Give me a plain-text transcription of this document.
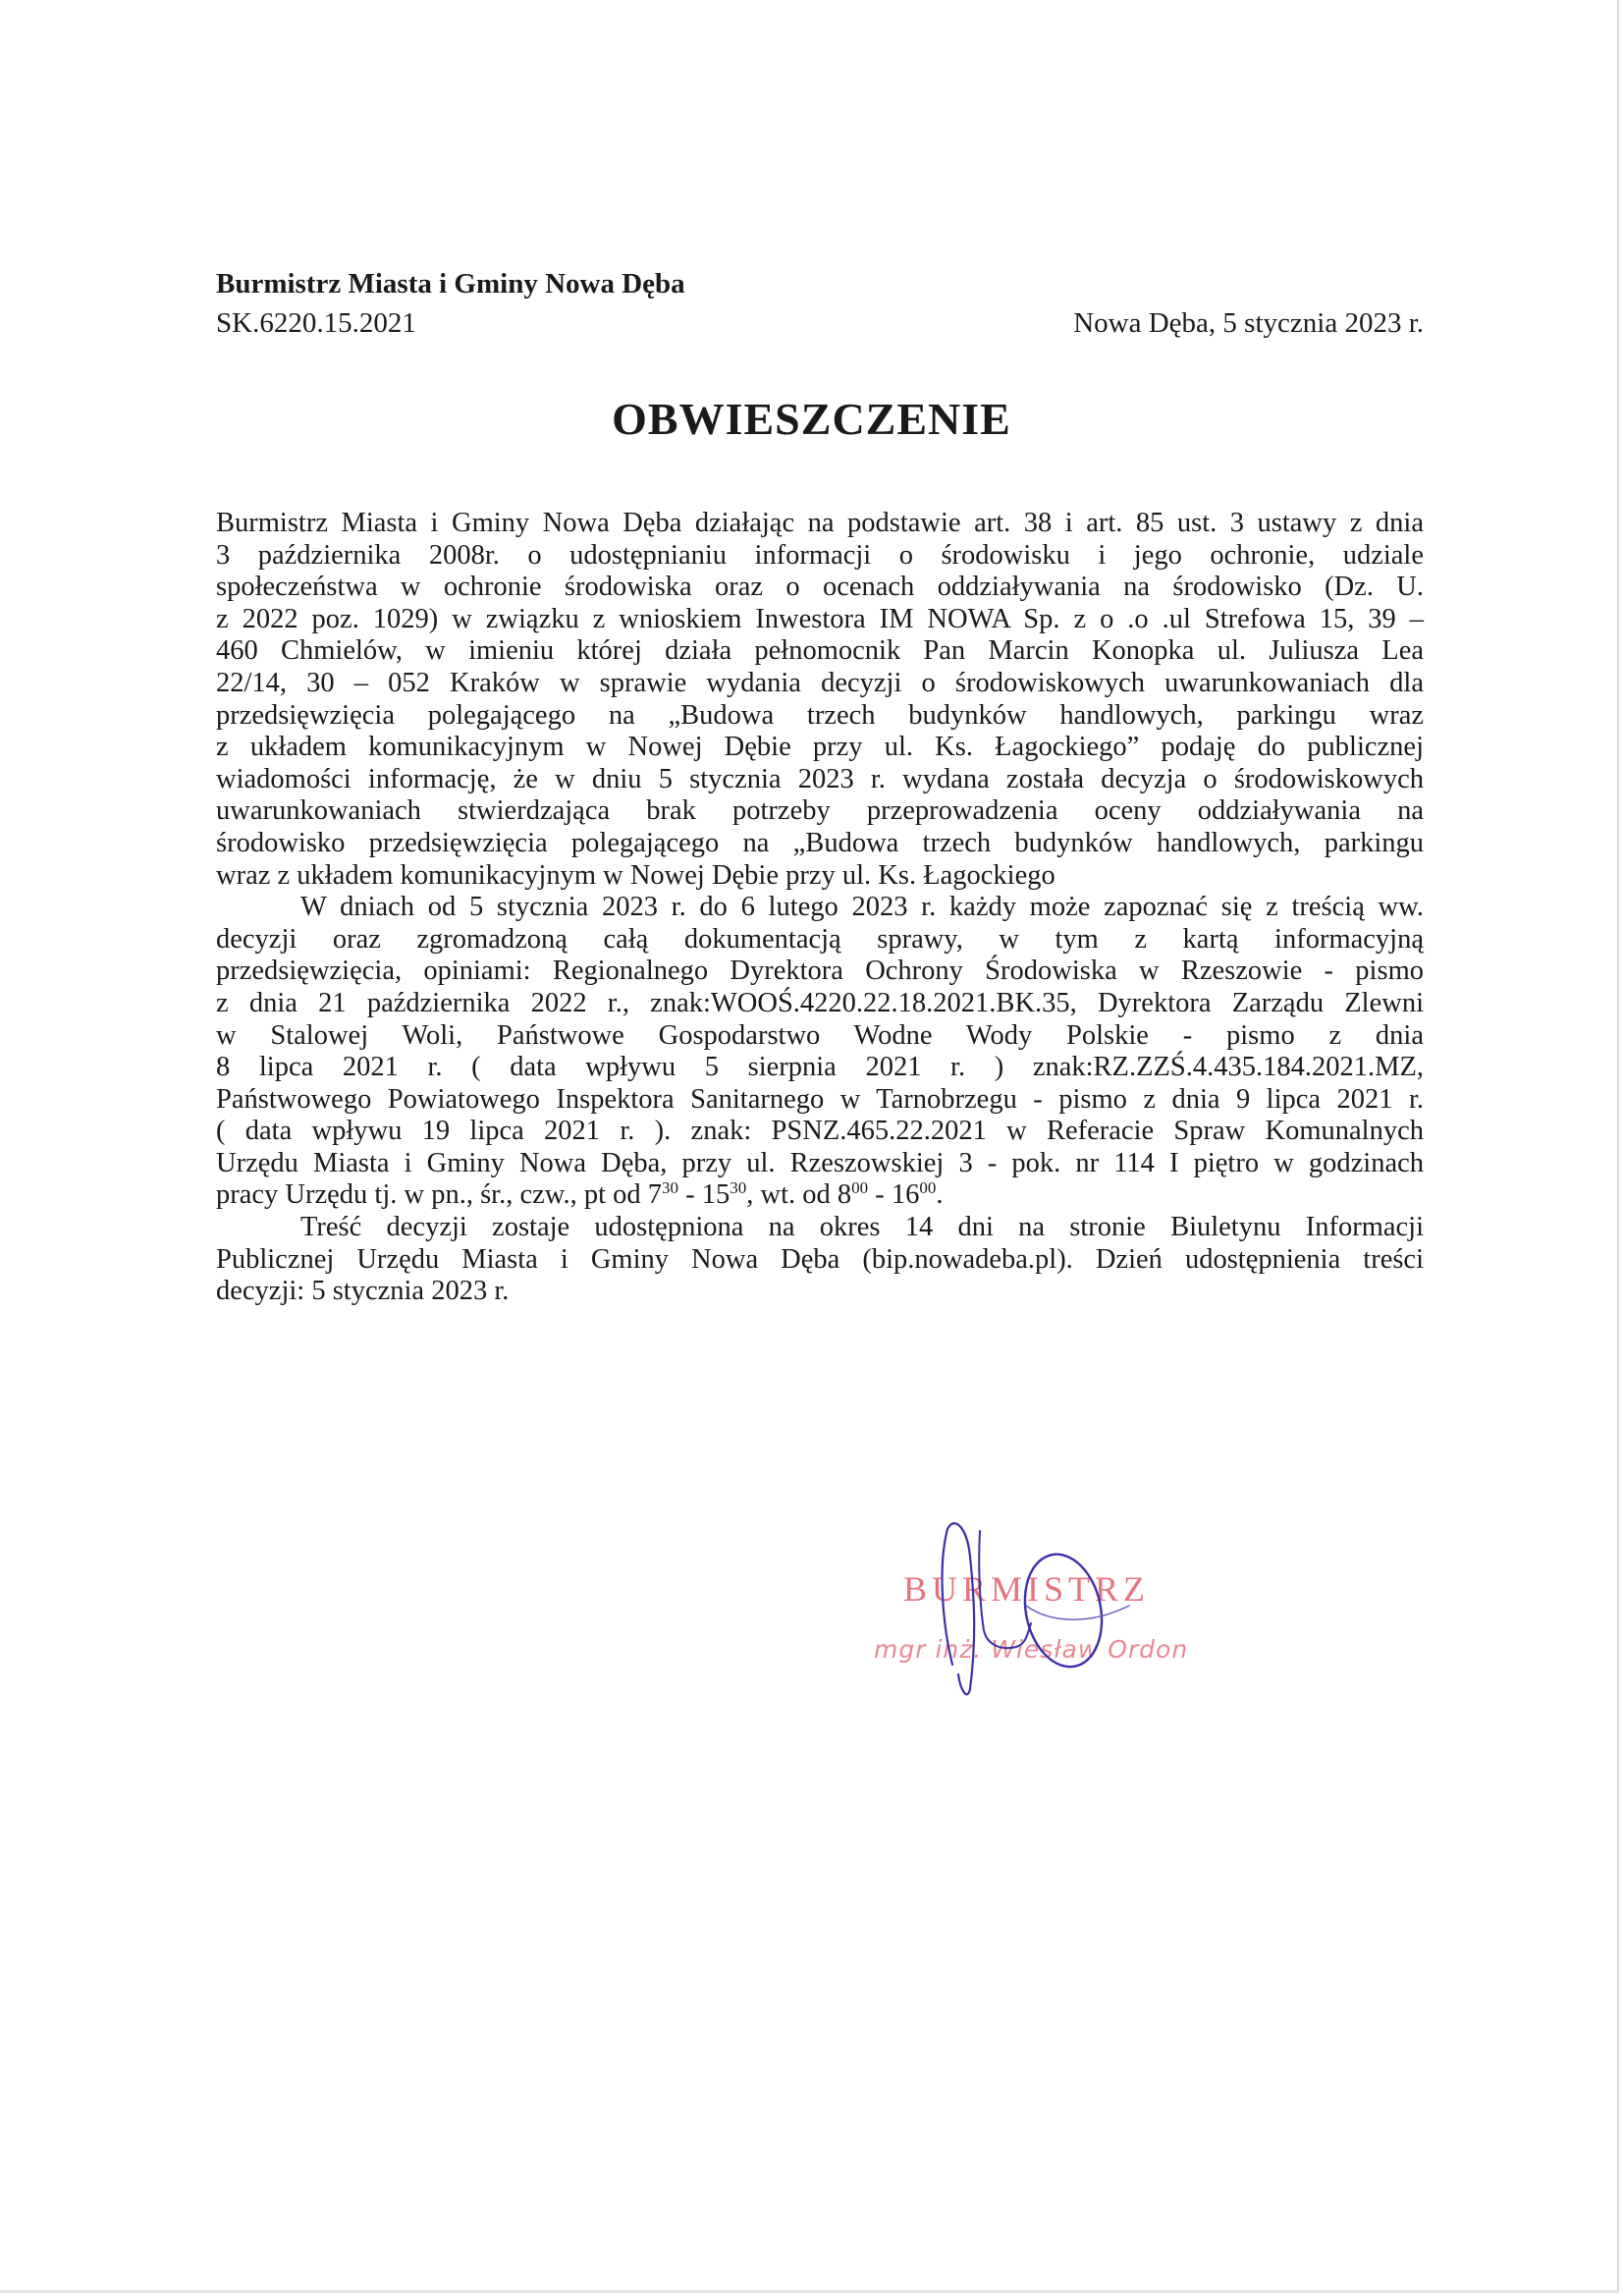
Burmistrz Miasta i Gminy Nowa Dęba
SK.6220.15.2021	Nowa Dęba, 5 stycznia 2023 r.
OBWIESZCZENIE
Burmistrz Miasta i Gminy Nowa Dęba działając na podstawie art. 38 i art. 85 ust. 3 ustawy z dnia
3 października 2008r. o udostępnianiu informacji o środowisku i jego ochronie, udziale
społeczeństwa w ochronie środowiska oraz o ocenach oddziaływania na środowisko (Dz. U.
z 2022 poz. 1029) w związku z wnioskiem Inwestora IM NOWA Sp. z o .o .ul Strefowa 15, 39 –
460 Chmielów, w imieniu której działa pełnomocnik Pan Marcin Konopka ul. Juliusza Lea
22/14, 30 – 052 Kraków w sprawie wydania decyzji o środowiskowych uwarunkowaniach dla
przedsięwzięcia polegającego na „Budowa trzech budynków handlowych, parkingu wraz
z układem komunikacyjnym w Nowej Dębie przy ul. Ks. Łagockiego” podaję do publicznej
wiadomości informację, że w dniu 5 stycznia 2023 r. wydana została decyzja o środowiskowych
uwarunkowaniach stwierdzająca brak potrzeby przeprowadzenia oceny oddziaływania na
środowisko przedsięwzięcia polegającego na „Budowa trzech budynków handlowych, parkingu
wraz z układem komunikacyjnym w Nowej Dębie przy ul. Ks. Łagockiego
W dniach od 5 stycznia 2023 r. do 6 lutego 2023 r. każdy może zapoznać się z treścią ww.
decyzji oraz zgromadzoną całą dokumentacją sprawy, w tym z kartą informacyjną
przedsięwzięcia, opiniami: Regionalnego Dyrektora Ochrony Środowiska w Rzeszowie - pismo
z dnia 21 października 2022 r., znak:WOOŚ.4220.22.18.2021.BK.35, Dyrektora Zarządu Zlewni
w Stalowej Woli, Państwowe Gospodarstwo Wodne Wody Polskie - pismo z dnia
8 lipca 2021 r. ( data wpływu 5 sierpnia 2021 r. ) znak:RZ.ZZŚ.4.435.184.2021.MZ,
Państwowego Powiatowego Inspektora Sanitarnego w Tarnobrzegu - pismo z dnia 9 lipca 2021 r.
( data wpływu 19 lipca 2021 r. ). znak: PSNZ.465.22.2021 w Referacie Spraw Komunalnych
Urzędu Miasta i Gminy Nowa Dęba, przy ul. Rzeszowskiej 3 - pok. nr 114 I piętro w godzinach
pracy Urzędu tj. w pn., śr., czw., pt od $7^{30} - 15^{30}$, wt. od $8^{00} - 16^{00}$.
Treść decyzji zostaje udostępniona na okres 14 dni na stronie Biuletynu Informacji
Publicznej Urzędu Miasta i Gminy Nowa Dęba (bip.nowadeba.pl). Dzień udostępnienia treści
decyzji: 5 stycznia 2023 r.
BURMISTRZ
mgr inż. Wiesław Ordon
